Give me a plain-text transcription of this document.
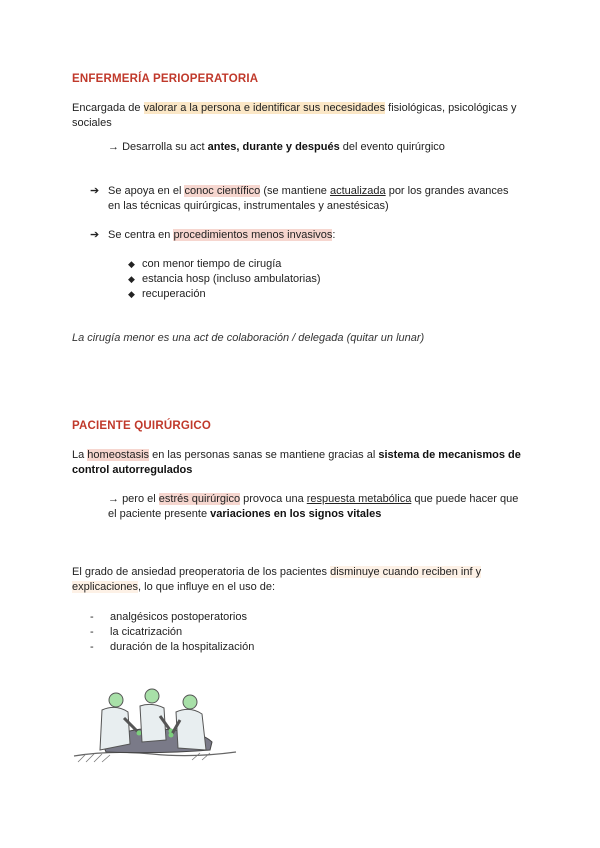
ENFERMERÍA PERIOPERATORIA
Encargada de valorar a la persona e identificar sus necesidades fisiológicas, psicológicas y
sociales
→ Desarrolla su act antes, durante y después del evento quirúrgico
➔ Se apoya en el conoc científico (se mantiene actualizada por los grandes avances
en las técnicas quirúrgicas, instrumentales y anestésicas)
➔ Se centra en procedimientos menos invasivos:
◆ con menor tiempo de cirugía
◆ estancia hosp (incluso ambulatorias)
◆ recuperación
La cirugía menor es una act de colaboración / delegada (quitar un lunar)
PACIENTE QUIRÚRGICO
La homeostasis en las personas sanas se mantiene gracias al sistema de mecanismos de
control autorregulados
→ pero el estrés quirúrgico provoca una respuesta metabólica que puede hacer que
el paciente presente variaciones en los signos vitales
El grado de ansiedad preoperatoria de los pacientes disminuye cuando reciben inf y
explicaciones, lo que influye en el uso de:
- analgésicos postoperatorios
- la cicatrización
- duración de la hospitalización
